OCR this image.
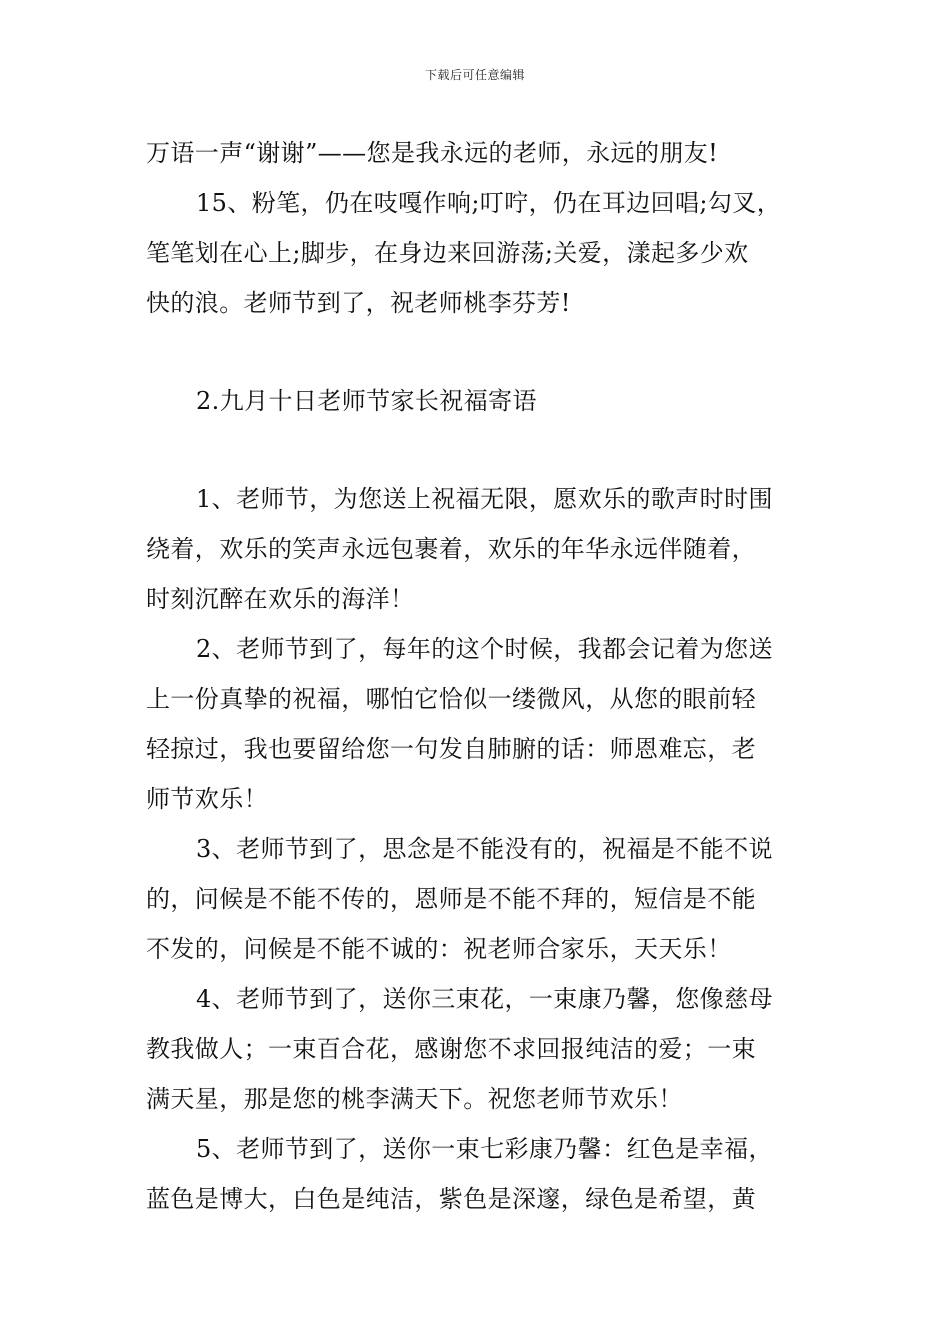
下载后可任意编辑
万语一声“谢谢”——您是我永远的老师，永远的朋友!
15、粉笔，仍在吱嘎作响;叮咛，仍在耳边回唱;勾叉，
笔笔划在心上;脚步，在身边来回游荡;关爱，漾起多少欢
快的浪。老师节到了，祝老师桃李芬芳!
2.九月十日老师节家长祝福寄语
1、老师节，为您送上祝福无限，愿欢乐的歌声时时围
绕着，欢乐的笑声永远包裹着，欢乐的年华永远伴随着，
时刻沉醉在欢乐的海洋！
2、老师节到了，每年的这个时候，我都会记着为您送
上一份真挚的祝福，哪怕它恰似一缕微风，从您的眼前轻
轻掠过，我也要留给您一句发自肺腑的话：师恩难忘，老
师节欢乐！
3、老师节到了，思念是不能没有的，祝福是不能不说
的，问候是不能不传的，恩师是不能不拜的，短信是不能
不发的，问候是不能不诚的：祝老师合家乐，天天乐！
4、老师节到了，送你三束花，一束康乃馨，您像慈母
教我做人；一束百合花，感谢您不求回报纯洁的爱；一束
满天星，那是您的桃李满天下。祝您老师节欢乐！
5、老师节到了，送你一束七彩康乃馨：红色是幸福，
蓝色是博大，白色是纯洁，紫色是深邃，绿色是希望，黄
